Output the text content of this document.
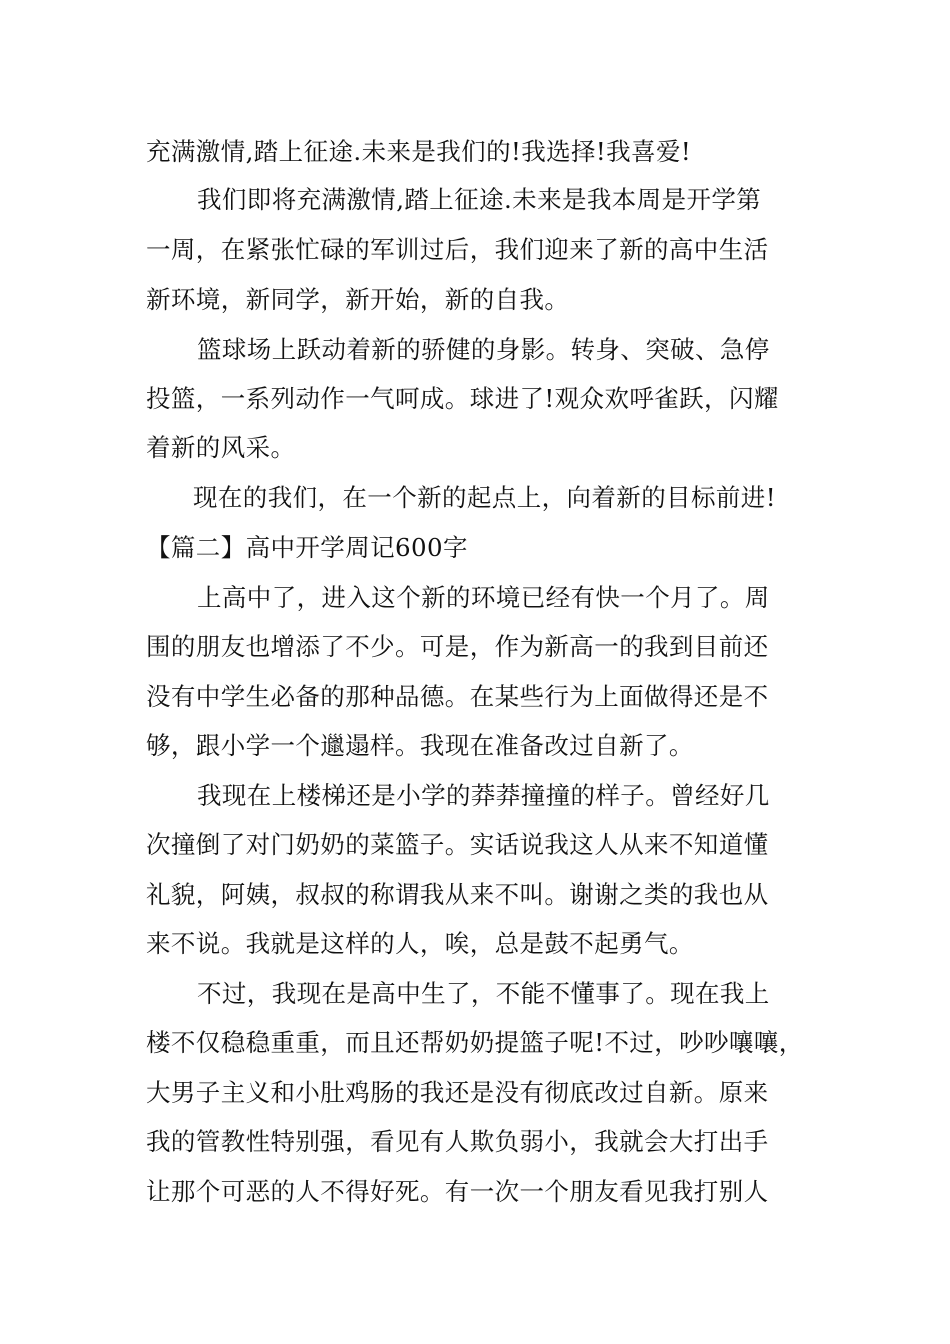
充满激情,踏上征途.未来是我们的!我选择!我喜爱!
我们即将充满激情,踏上征途.未来是我本周是开学第
一周，在紧张忙碌的军训过后，我们迎来了新的高中生活
新环境，新同学，新开始，新的自我。
篮球场上跃动着新的骄健的身影。转身、突破、急停
投篮，一系列动作一气呵成。球进了!观众欢呼雀跃，闪耀
着新的风采。
现在的我们，在一个新的起点上，向着新的目标前进!
【篇二】高中开学周记600字
上高中了，进入这个新的环境已经有快一个月了。周
围的朋友也增添了不少。可是，作为新高一的我到目前还
没有中学生必备的那种品德。在某些行为上面做得还是不
够，跟小学一个邋遢样。我现在准备改过自新了。
我现在上楼梯还是小学的莽莽撞撞的样子。曾经好几
次撞倒了对门奶奶的菜篮子。实话说我这人从来不知道懂
礼貌，阿姨，叔叔的称谓我从来不叫。谢谢之类的我也从
来不说。我就是这样的人，唉，总是鼓不起勇气。
不过，我现在是高中生了，不能不懂事了。现在我上
楼不仅稳稳重重，而且还帮奶奶提篮子呢!不过，吵吵嚷嚷，
大男子主义和小肚鸡肠的我还是没有彻底改过自新。原来
我的管教性特别强，看见有人欺负弱小，我就会大打出手
让那个可恶的人不得好死。有一次一个朋友看见我打别人
